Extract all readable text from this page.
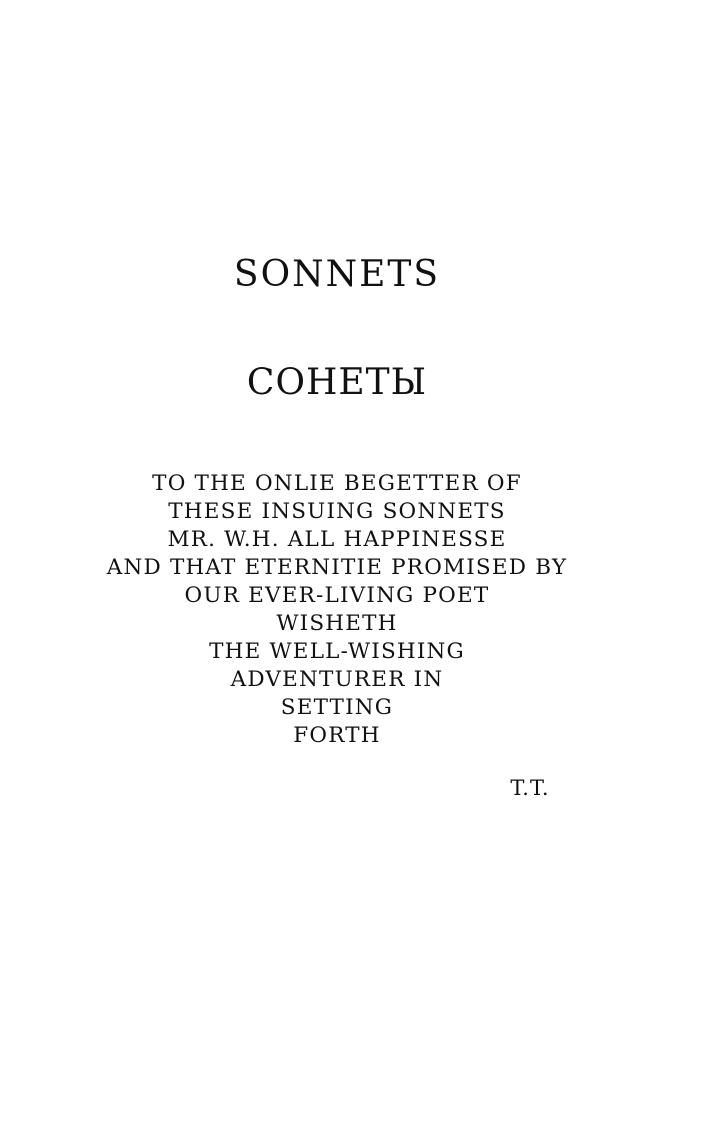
SONNETS
СОНЕТЫ
TO THE ONLIE BEGETTER OF
THESE INSUING SONNETS
MR. W.H. ALL HAPPINESSE
AND THAT ETERNITIE PROMISED BY
OUR EVER-LIVING POET
WISHETH
THE WELL-WISHING
ADVENTURER IN
SETTING
FORTH
T.T.
